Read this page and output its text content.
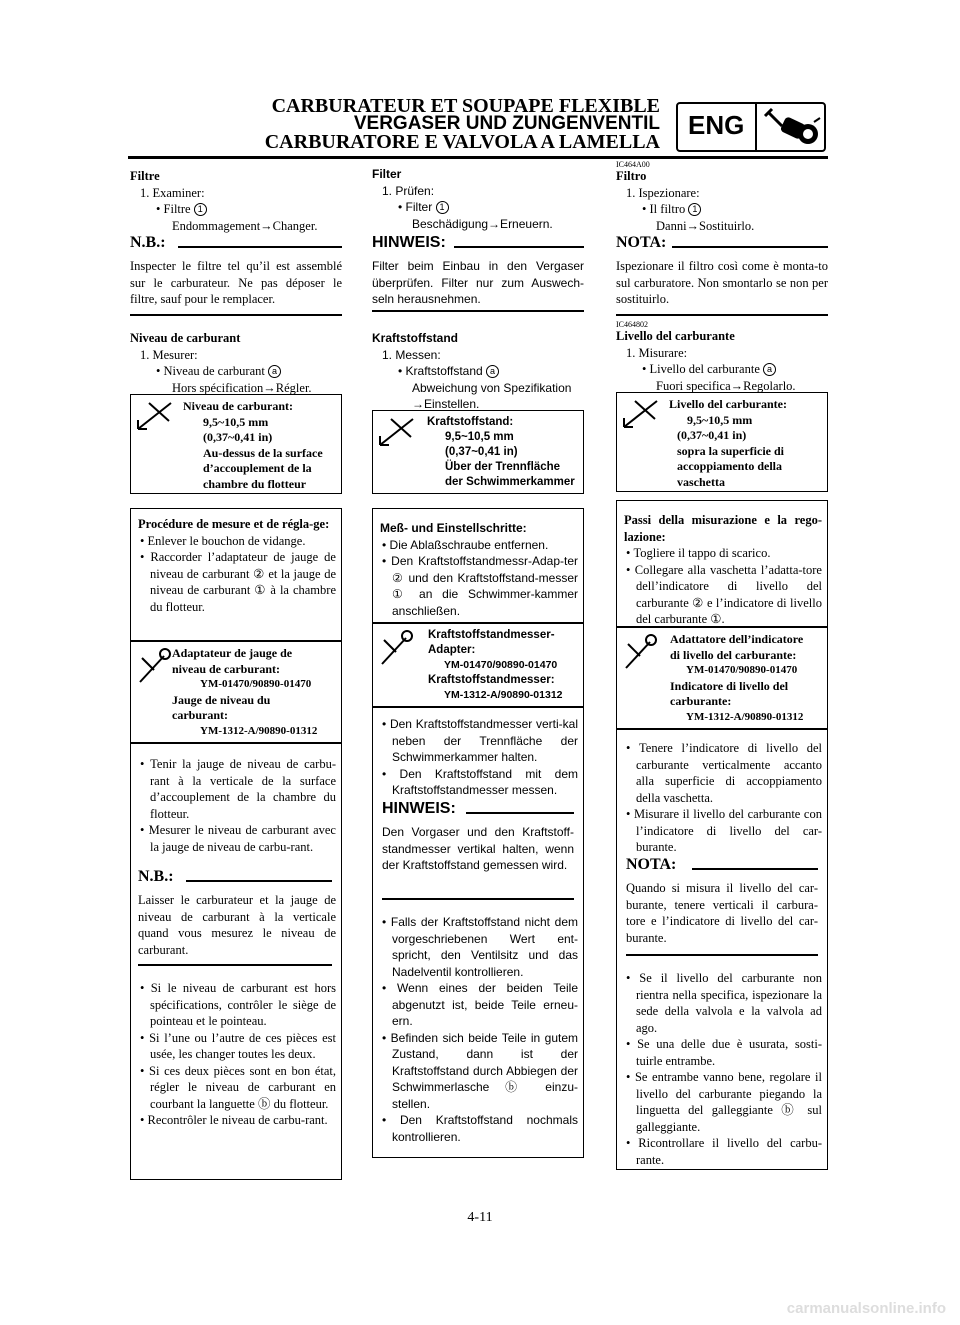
CARBURATEUR ET SOUPAPE FLEXIBLE
VERGASER UND ZUNGENVENTIL
CARBURATORE E VALVOLA A LAMELLA
ENG
Filtre
1. Examiner:
• Filtre 1
Endommagement→Changer.
N.B.:
Inspecter le filtre tel qu’il est assemblé sur le carburateur. Ne pas déposer le filtre, sauf pour le remplacer.
Niveau de carburant
1. Mesurer:
• Niveau de carburant a
Hors spécification→Régler.
Niveau de carburant:
9,5~10,5 mm
(0,37~0,41 in)
Au-dessus de la surface
d’accouplement de la
chambre du flotteur
Procédure de mesure et de régla-ge:
• Enlever le bouchon de vidange.
• Raccorder l’adaptateur de jauge de niveau de carburant ② et la jauge de niveau de carburant ① à la chambre du flotteur.
Adaptateur de jauge de
niveau de carburant:
YM-01470/90890-01470
Jauge de niveau du
carburant:
YM-1312-A/90890-01312
• Tenir la jauge de niveau de carbu-rant à la verticale de la surface d’accouplement de la chambre du flotteur.
• Mesurer le niveau de carburant avec la jauge de niveau de carbu-rant.
N.B.:
Laisser le carburateur et la jauge de niveau de carburant à la verticale quand vous mesurez le niveau de carburant.
• Si le niveau de carburant est hors spécifications, contrôler le siège de pointeau et le pointeau.
• Si l’une ou l’autre de ces pièces est usée, les changer toutes les deux.
• Si ces deux pièces sont en bon état, régler le niveau de carburant en courbant la languette ⓑ du flotteur.
• Recontrôler le niveau de carbu-rant.
Filter
1. Prüfen:
• Filter 1
Beschädigung→Erneuern.
HINWEIS:
Filter beim Einbau in den Vergaser überprüfen. Filter nur zum Auswech-seln herausnehmen.
Kraftstoffstand
1. Messen:
• Kraftstoffstand a
Abweichung von Spezifikation
→Einstellen.
Kraftstoffstand:
9,5~10,5 mm
(0,37~0,41 in)
Über der Trennfläche
der Schwimmerkammer
Meß- und Einstellschritte:
• Die Ablaßschraube entfernen.
• Den Kraftstoffstandmessr-Adap-ter ② und den Kraftstoffstand-messer ① an die Schwimmer-kammer anschließen.
Kraftstoffstandmesser-
Adapter:
YM-01470/90890-01470
Kraftstoffstandmesser:
YM-1312-A/90890-01312
• Den Kraftstoffstandmesser verti-kal neben der Trennfläche der Schwimmerkammer halten.
• Den Kraftstoffstand mit dem Kraftstoffstandmesser messen.
HINWEIS:
Den Vorgaser und den Kraftstoff-standmesser vertikal halten, wenn der Kraftstoffstand gemessen wird.
• Falls der Kraftstoffstand nicht dem vorgeschriebenen Wert ent-spricht, den Ventilsitz und das Nadelventil kontrollieren.
• Wenn eines der beiden Teile abgenutzt ist, beide Teile erneu-ern.
• Befinden sich beide Teile in gutem Zustand, dann ist der Kraftstoffstand durch Abbiegen der Schwimmerlasche ⓑ einzu-stellen.
• Den Kraftstoffstand nochmals kontrollieren.
IC464A00
Filtro
1. Ispezionare:
• Il filtro 1
Danni→Sostituirlo.
NOTA:
Ispezionare il filtro così come è monta-to sul carburatore. Non smontarlo se non per sostituirlo.
IC464802
Livello del carburante
1. Misurare:
• Livello del carburante a
Fuori specifica→Regolarlo.
Livello del carburante:
9,5~10,5 mm
(0,37~0,41 in)
sopra la superficie di
accoppiamento della
vaschetta
Passi della misurazione e la rego-lazione:
• Togliere il tappo di scarico.
• Collegare alla vaschetta l’adatta-tore dell’indicatore di livello del carburante ② e l’indicatore di livello del carburante ①.
Adattatore dell’indicatore
di livello del carburante:
YM-01470/90890-01470
Indicatore di livello del
carburante:
YM-1312-A/90890-01312
• Tenere l’indicatore di livello del carburante verticalmente accanto alla superficie di accoppiamento della vaschetta.
• Misurare il livello del carburante con l’indicatore di livello del car-burante.
NOTA:
Quando si misura il livello del car-burante, tenere verticali il carbura-tore e l’indicatore di livello del car-burante.
• Se il livello del carburante non rientra nella specifica, ispezionare la sede della valvola e la valvola ad ago.
• Se una delle due è usurata, sosti-tuirle entrambe.
• Se entrambe vanno bene, regolare il livello del carburante piegando la linguetta del galleggiante ⓑ sul galleggiante.
• Ricontrollare il livello del carbu-rante.
4-11
carmanualsonline.info
